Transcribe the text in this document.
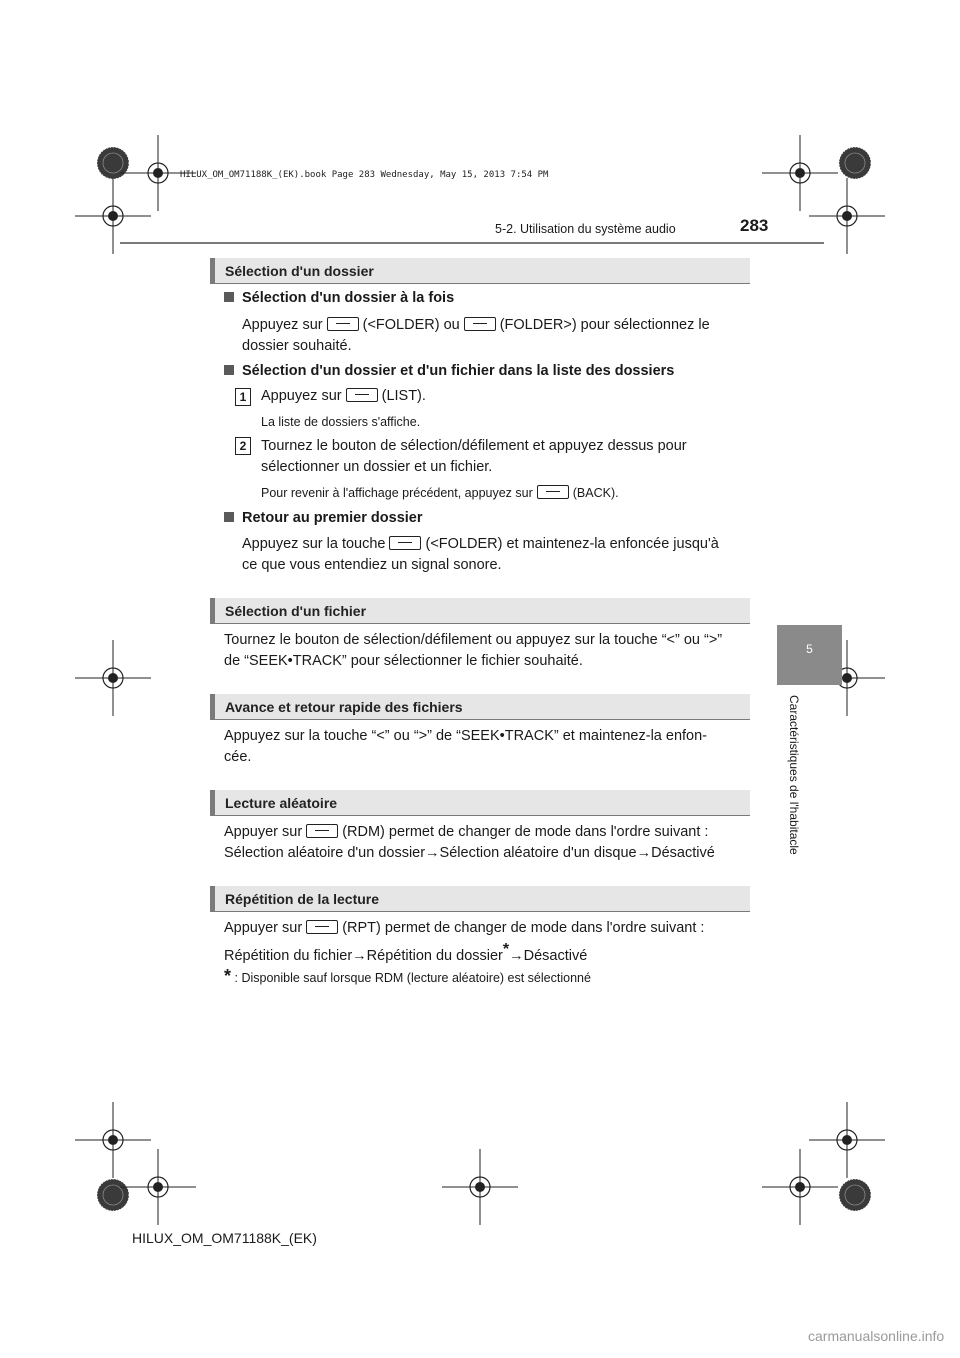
HILUX_OM_OM71188K_(EK).book Page 283 Wednesday, May 15, 2013 7:54 PM
283
5-2. Utilisation du système audio
5
Caractéristiques de l'habitacle
Sélection d'un dossier
Sélection d'un dossier à la fois
Appuyez sur	(<FOLDER) ou	(FOLDER>) pour sélectionnez le
dossier souhaité.
Sélection d'un dossier et d'un fichier dans la liste des dossiers
1	Appuyez sur	(LIST).
La liste de dossiers s'affiche.
2	Tournez le bouton de sélection/défilement et appuyez dessus pour
sélectionner un dossier et un fichier.
Pour revenir à l'affichage précédent, appuyez sur	(BACK).
Retour au premier dossier
Appuyez sur la touche	(<FOLDER) et maintenez-la enfoncée jusqu'à
ce que vous entendiez un signal sonore.
Sélection d'un fichier
Tournez le bouton de sélection/défilement ou appuyez sur la touche “<” ou “>”
de “SEEK•TRACK” pour sélectionner le fichier souhaité.
Avance et retour rapide des fichiers
Appuyez sur la touche “<” ou “>” de “SEEK•TRACK” et maintenez-la enfon-
cée.
Lecture aléatoire
Appuyer sur	(RDM) permet de changer de mode dans l'ordre suivant :
Sélection aléatoire d'un dossier→Sélection aléatoire d'un disque→Désactivé
Répétition de la lecture
Appuyer sur	(RPT) permet de changer de mode dans l'ordre suivant :
Répétition du fichier→Répétition du dossier*→Désactivé
* : Disponible sauf lorsque RDM (lecture aléatoire) est sélectionné
HILUX_OM_OM71188K_(EK)
carmanualsonline.info
